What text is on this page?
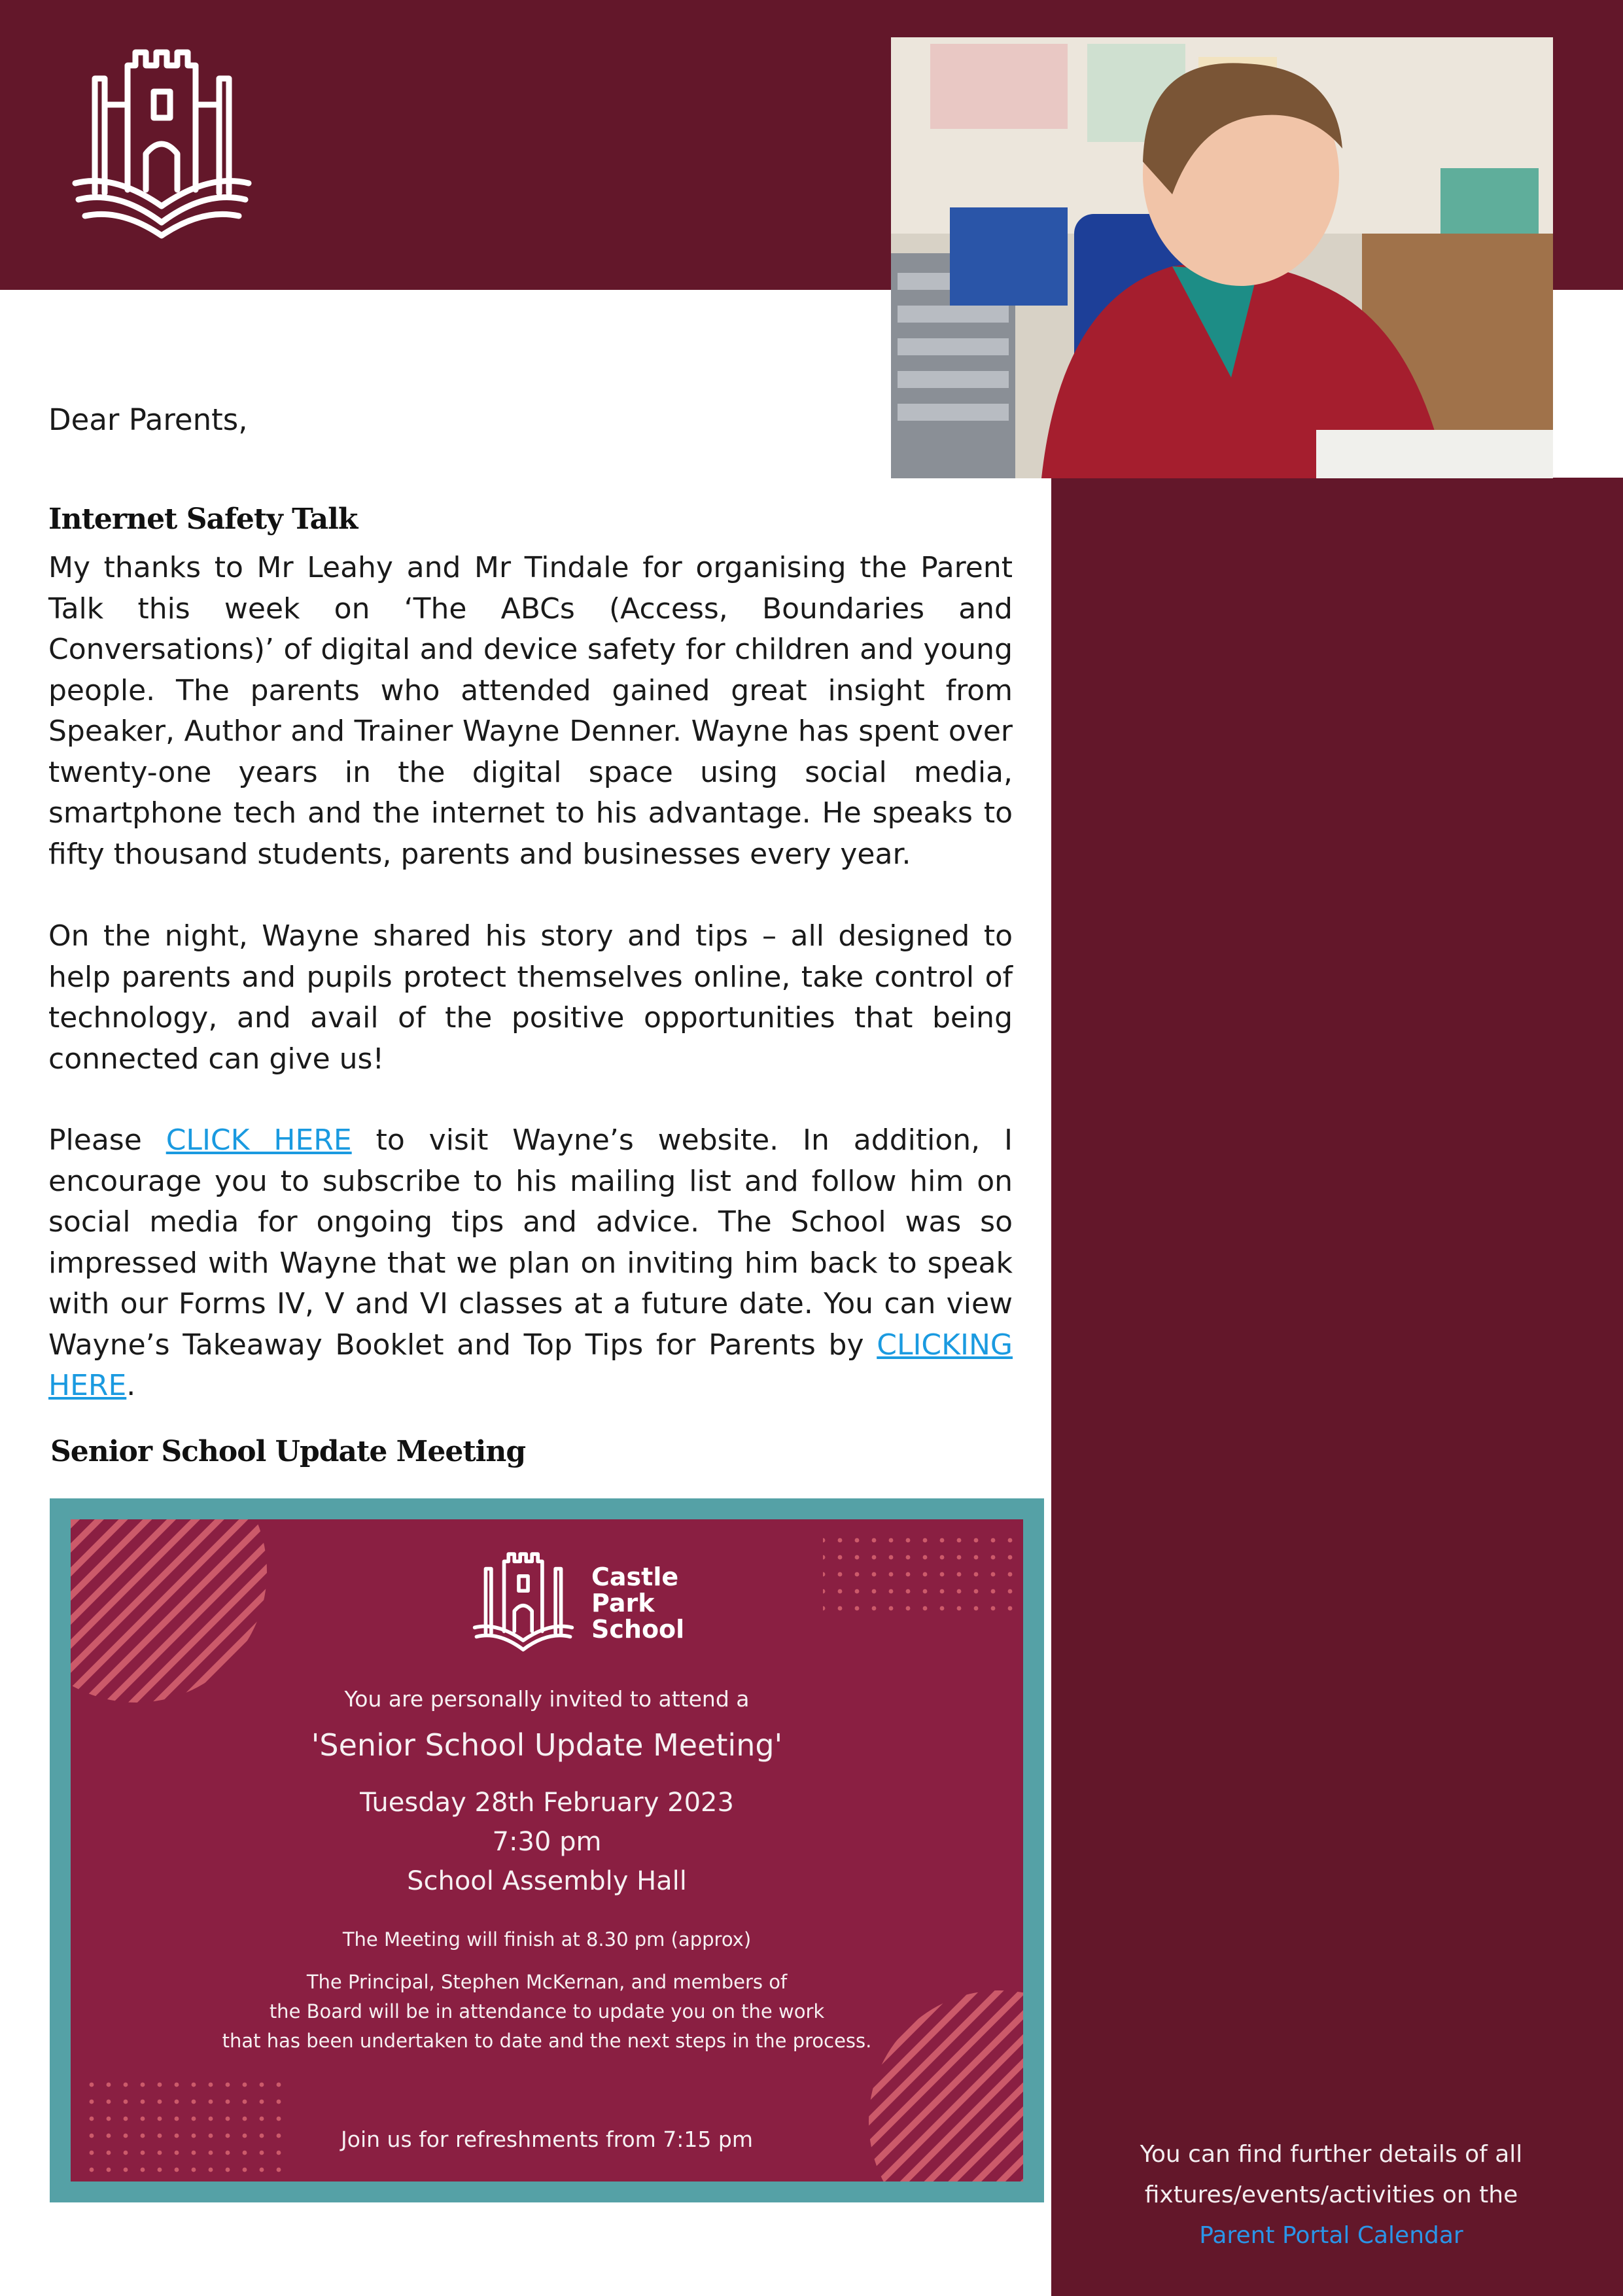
Dear Parents,
Internet Safety Talk

My thanks to Mr Leahy and Mr Tindale for organising the Parent Talk this week on ‘The ABCs (Access, Boundaries and Conversations)’ of digital and device safety for children and young people. The parents who attended gained great insight from Speaker, Author and Trainer Wayne Denner. Wayne has spent over twenty-one years in the digital space using social media, smartphone tech and the internet to his advantage. He speaks to fifty thousand students, parents and businesses every year.

On the night, Wayne shared his story and tips – all designed to help parents and pupils protect themselves online, take control of technology, and avail of the positive opportunities that being connected can give us!

Please CLICK HERE to visit Wayne’s website. In addition, I encourage you to subscribe to his mailing list and follow him on social media for ongoing tips and advice. The School was so impressed with Wayne that we plan on inviting him back to speak with our Forms IV, V and VI classes at a future date. You can view Wayne’s Takeaway Booklet and Top Tips for Parents by CLICKING HERE.

Senior School Update Meeting
Castle
Park
School
You are personally invited to attend a
'Senior School Update Meeting'
Tuesday 28th February 2023
7:30 pm
School Assembly Hall
The Meeting will finish at 8.30 pm (approx)
The Principal, Stephen McKernan, and members of
the Board will be in attendance to update you on the work
that has been undertaken to date and the next steps in the process.
Join us for refreshments from 7:15 pm
You can find further details of all
fixtures/events/activities on the
Parent Portal Calendar
